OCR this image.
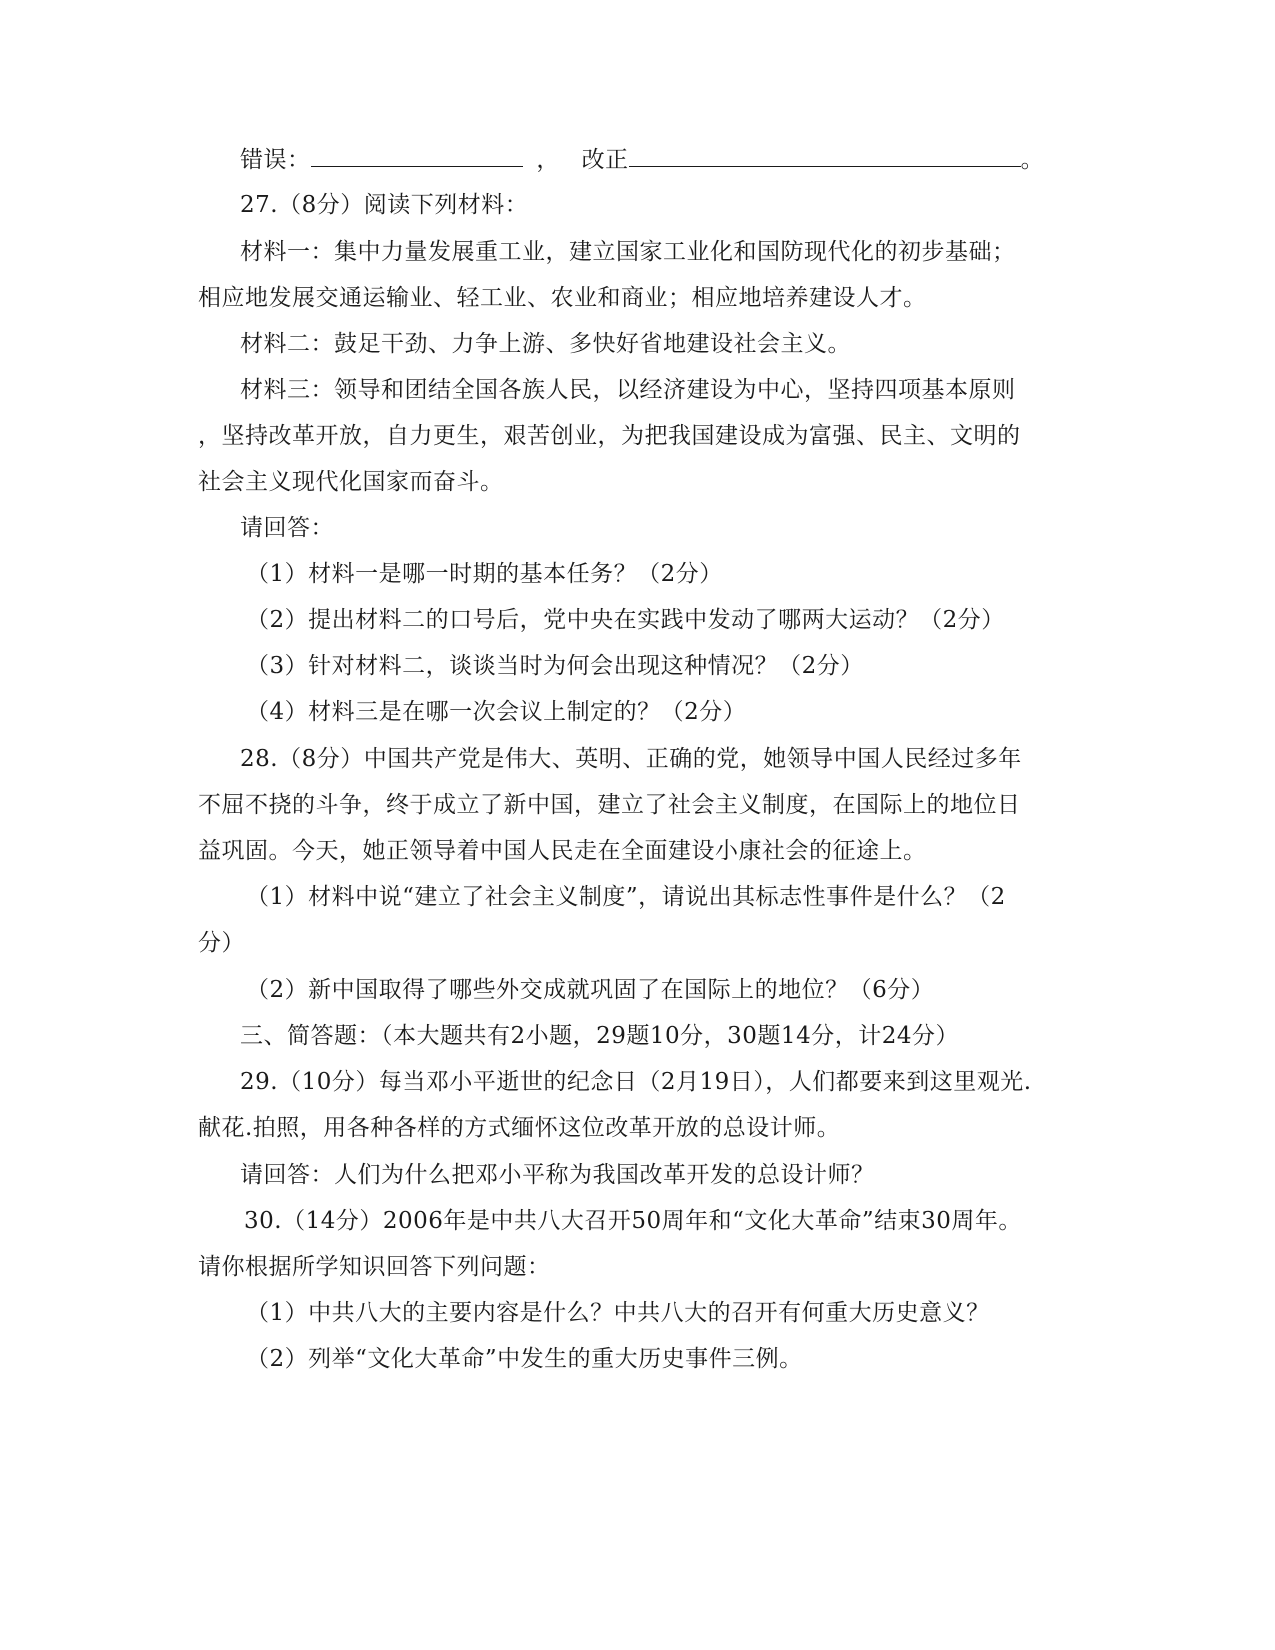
错误：	， 改正	。
27.（8分）阅读下列材料：
材料一：集中力量发展重工业，建立国家工业化和国防现代化的初步基础；
相应地发展交通运输业、轻工业、农业和商业；相应地培养建设人才。
材料二：鼓足干劲、力争上游、多快好省地建设社会主义。
材料三：领导和团结全国各族人民，以经济建设为中心，坚持四项基本原则
，坚持改革开放，自力更生，艰苦创业，为把我国建设成为富强、民主、文明的
社会主义现代化国家而奋斗。
请回答：
（1）材料一是哪一时期的基本任务？（2分）
（2）提出材料二的口号后，党中央在实践中发动了哪两大运动？（2分）
（3）针对材料二，谈谈当时为何会出现这种情况？（2分）
（4）材料三是在哪一次会议上制定的？（2分）
28.（8分）中国共产党是伟大、英明、正确的党，她领导中国人民经过多年
不屈不挠的斗争，终于成立了新中国，建立了社会主义制度，在国际上的地位日
益巩固。今天，她正领导着中国人民走在全面建设小康社会的征途上。
（1）材料中说“建立了社会主义制度”，请说出其标志性事件是什么？（2
分）
（2）新中国取得了哪些外交成就巩固了在国际上的地位？（6分）
三、简答题：（本大题共有2小题，29题10分，30题14分，计24分）
29.（10分）每当邓小平逝世的纪念日（2月19日），人们都要来到这里观光.
献花.拍照，用各种各样的方式缅怀这位改革开放的总设计师。
请回答：人们为什么把邓小平称为我国改革开发的总设计师？
30.（14分）2006年是中共八大召开50周年和“文化大革命”结束30周年。
请你根据所学知识回答下列问题：
（1）中共八大的主要内容是什么？中共八大的召开有何重大历史意义？
（2）列举“文化大革命”中发生的重大历史事件三例。
